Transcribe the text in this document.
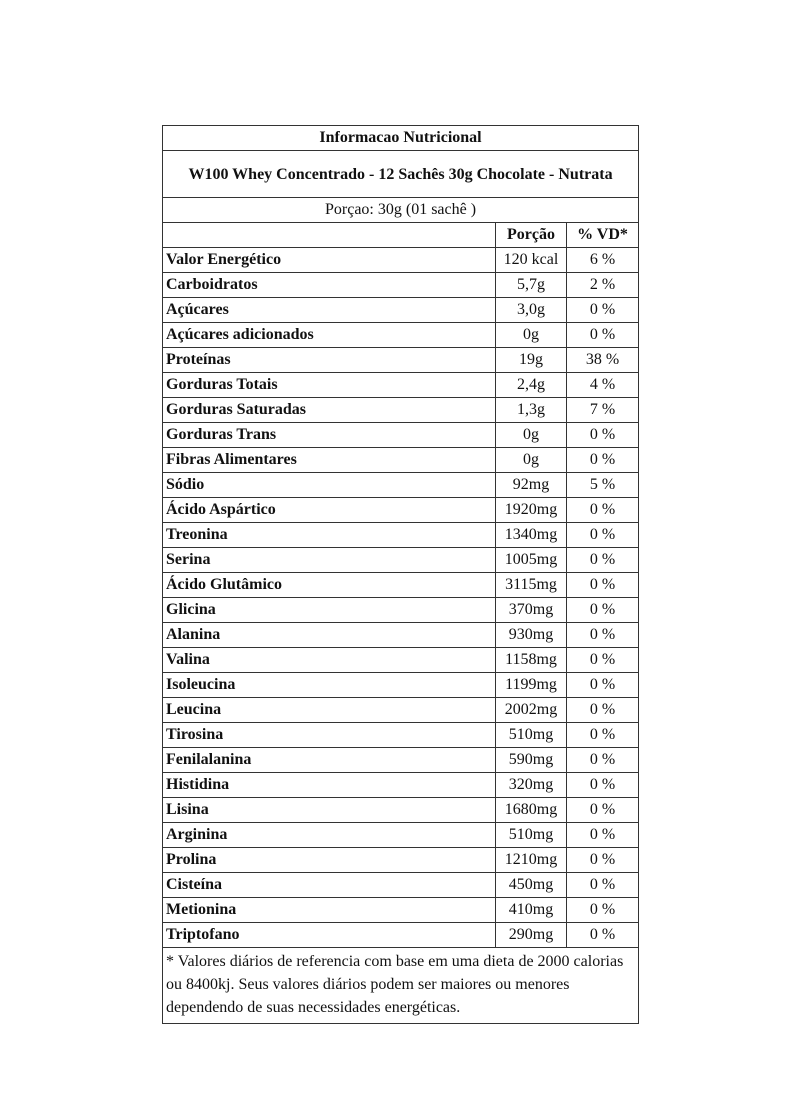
Informacao Nutricional		
W100 Whey Concentrado - 12 Sachês 30g Chocolate - Nutrata		
Porçao: 30g (01 sachê )		
	Porção	% VD*
Valor Energético	120 kcal	6 %
Carboidratos	5,7g	2 %
Açúcares	3,0g	0 %
Açúcares adicionados	0g	0 %
Proteínas	19g	38 %
Gorduras Totais	2,4g	4 %
Gorduras Saturadas	1,3g	7 %
Gorduras Trans	0g	0 %
Fibras Alimentares	0g	0 %
Sódio	92mg	5 %
Ácido Aspártico	1920mg	0 %
Treonina	1340mg	0 %
Serina	1005mg	0 %
Ácido Glutâmico	3115mg	0 %
Glicina	370mg	0 %
Alanina	930mg	0 %
Valina	1158mg	0 %
Isoleucina	1199mg	0 %
Leucina	2002mg	0 %
Tirosina	510mg	0 %
Fenilalanina	590mg	0 %
Histidina	320mg	0 %
Lisina	1680mg	0 %
Arginina	510mg	0 %
Prolina	1210mg	0 %
Cisteína	450mg	0 %
Metionina	410mg	0 %
Triptofano	290mg	0 %
* Valores diários de referencia com base em uma dieta de 2000 calorias ou 8400kj. Seus valores diários podem ser maiores ou menores dependendo de suas necessidades energéticas.		
